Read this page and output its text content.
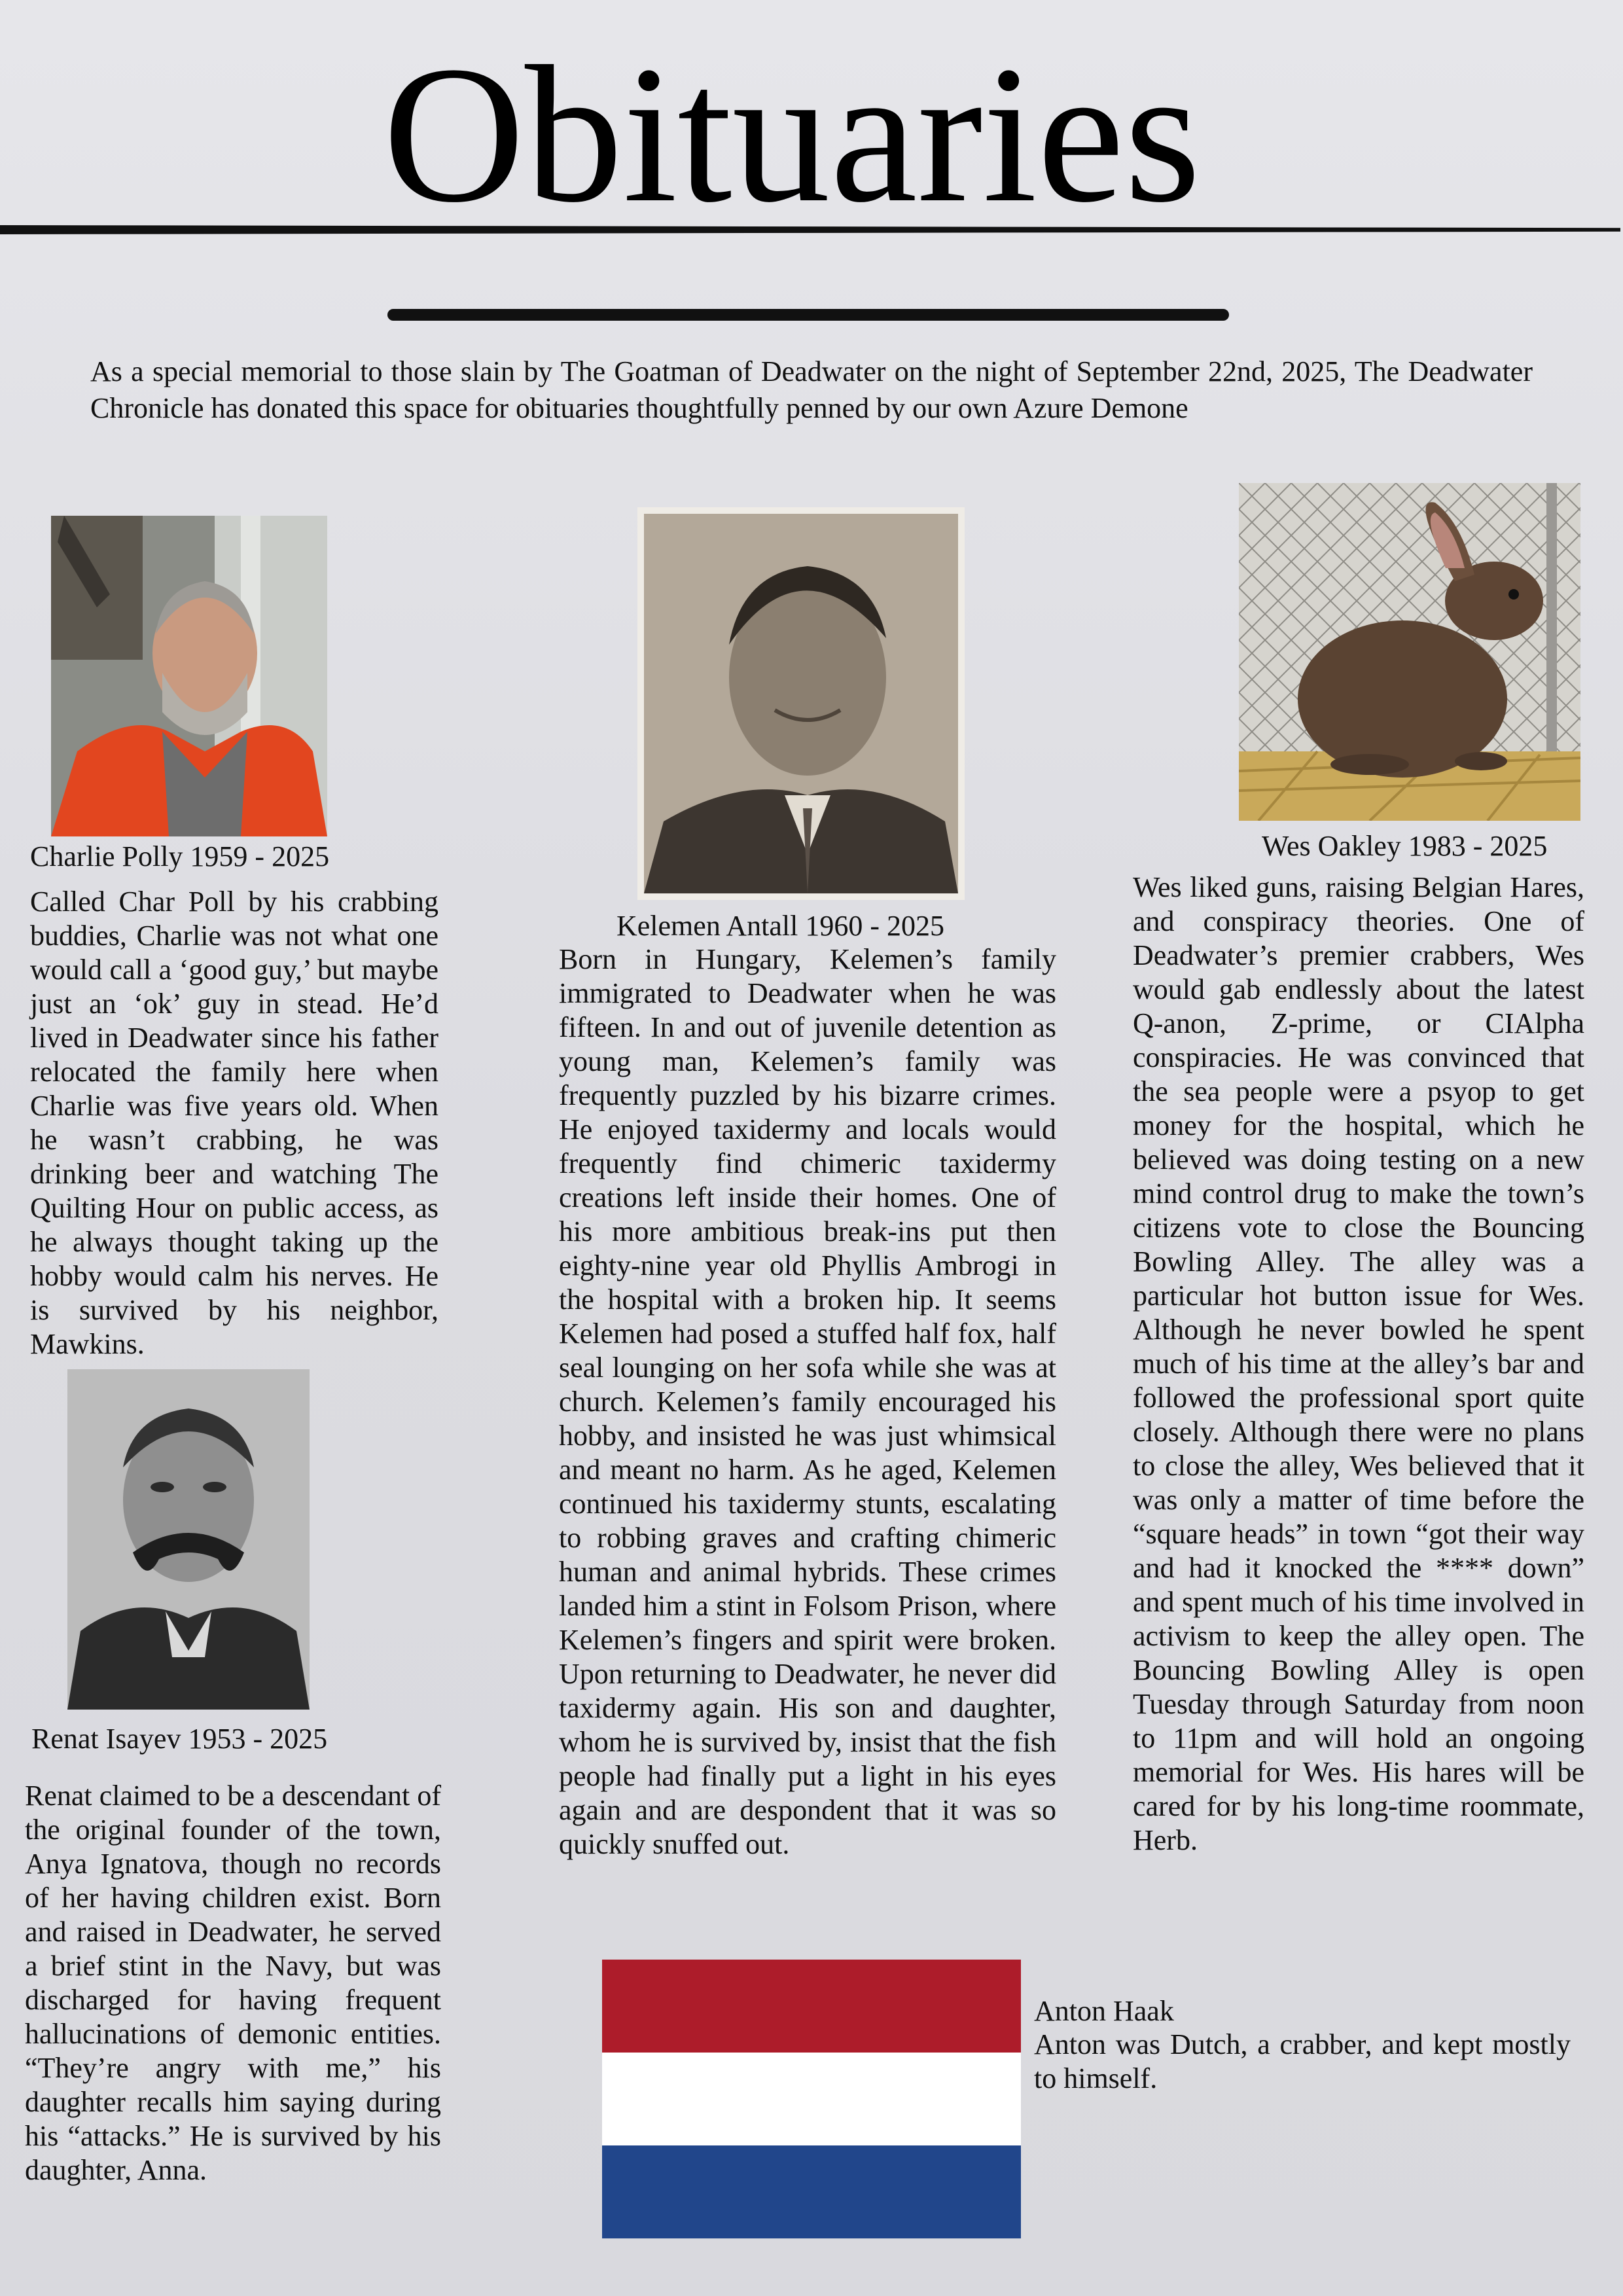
Obituaries
As a special memorial to those slain by The Goatman of Deadwater on the night of September 22nd, 2025, The Deadwater Chronicle has donated this space for obituaries thoughtfully penned by our own Azure Demone
Charlie Polly 1959 - 2025
Called Char Poll by his crabbing buddies, Charlie was not what one would call a ‘good guy,’ but maybe just an ‘ok’ guy in stead. He’d lived in Deadwater since his father relocated the family here when Charlie was five years old. When he wasn’t crabbing, he was drinking beer and watching The Quilting Hour on public access, as he always thought taking up the hobby would calm his nerves. He is survived by his neighbor, Mawkins.
Renat Isayev 1953 - 2025
Renat claimed to be a descendant of the original founder of the town, Anya Ignatova, though no records of her having children exist. Born and raised in Deadwater, he served a brief stint in the Navy, but was discharged for having frequent hallucinations of demonic entities. “They’re angry with me,” his daughter recalls him saying during his “attacks.” He is survived by his daughter, Anna.
Kelemen Antall 1960 - 2025
Born in Hungary, Kelemen’s family immigrated to Deadwater when he was fifteen. In and out of juvenile detention as young man, Kelemen’s family was frequently puzzled by his bizarre crimes. He enjoyed taxidermy and locals would frequently find chimeric taxidermy creations left inside their homes. One of his more ambitious break-ins put then eighty-nine year old Phyllis Ambrogi in the hospital with a broken hip. It seems Kelemen had posed a stuffed half fox, half seal lounging on her sofa while she was at church. Kelemen’s family encouraged his hobby, and insisted he was just whimsical and meant no harm. As he aged, Kelemen continued his taxidermy stunts, escalating to robbing graves and crafting chimeric human and animal hybrids. These crimes landed him a stint in Folsom Prison, where Kelemen’s fingers and spirit were broken. Upon returning to Deadwater, he never did taxidermy again. His son and daughter, whom he is survived by, insist that the fish people had finally put a light in his eyes again and are despondent that it was so quickly snuffed out.
Wes Oakley 1983 - 2025
Wes liked guns, raising Belgian Hares, and conspiracy theories. One of Deadwater’s premier crabbers, Wes would gab endlessly about the latest Q-anon, Z-prime, or CIAlpha conspiracies. He was convinced that the sea people were a psyop to get money for the hospital, which he believed was doing testing on a new mind control drug to make the town’s citizens vote to close the Bouncing Bowling Alley. The alley was a particular hot button issue for Wes. Although he never bowled he spent much of his time at the alley’s bar and followed the professional sport quite closely. Although there were no plans to close the alley, Wes believed that it was only a matter of time before the “square heads” in town “got their way and had it knocked the **** down” and spent much of his time involved in activism to keep the alley open. The Bouncing Bowling Alley is open Tuesday through Saturday from noon to 11pm and will hold an ongoing memorial for Wes. His hares will be cared for by his long-time roommate, Herb.
Anton Haak
Anton was Dutch, a crabber, and kept mostly to himself.
